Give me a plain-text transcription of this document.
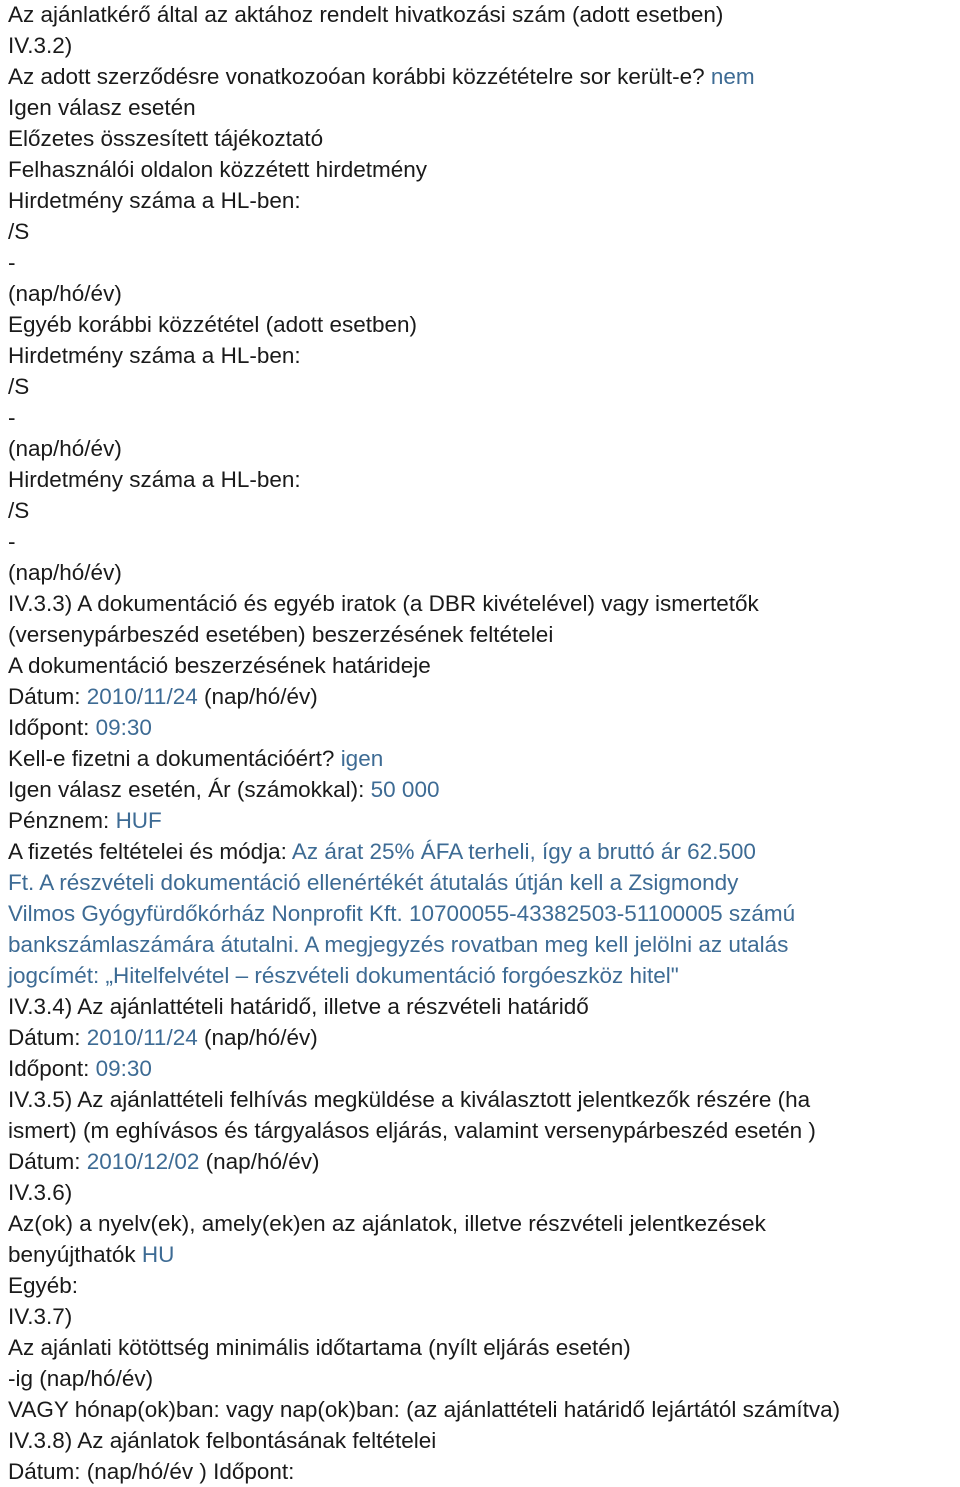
Az ajánlatkérő által az aktához rendelt hivatkozási szám (adott esetben)
IV.3.2)
Az adott szerződésre vonatkozoóan korábbi közzétételre sor került-e? nem
Igen válasz esetén
Előzetes összesített tájékoztató
Felhasználói oldalon közzétett hirdetmény
Hirdetmény száma a HL-ben:
/S
-
(nap/hó/év)
Egyéb korábbi közzététel (adott esetben)
Hirdetmény száma a HL-ben:
/S
-
(nap/hó/év)
Hirdetmény száma a HL-ben:
/S
-
(nap/hó/év)
IV.3.3) A dokumentáció és egyéb iratok (a DBR kivételével) vagy ismertetők
(versenypárbeszéd esetében) beszerzésének feltételei
A dokumentáció beszerzésének határideje
Dátum: 2010/11/24 (nap/hó/év)
Időpont: 09:30
Kell-e fizetni a dokumentációért? igen
Igen válasz esetén, Ár (számokkal): 50 000
Pénznem: HUF
A fizetés feltételei és módja: Az árat 25% ÁFA terheli, így a bruttó ár 62.500
Ft. A részvételi dokumentáció ellenértékét átutalás útján kell a Zsigmondy
Vilmos Gyógyfürdőkórház Nonprofit Kft. 10700055-43382503-51100005 számú
bankszámlaszámára átutalni. A megjegyzés rovatban meg kell jelölni az utalás
jogcímét: „Hitelfelvétel – részvételi dokumentáció forgóeszköz hitel"
IV.3.4) Az ajánlattételi határidő, illetve a részvételi határidő
Dátum: 2010/11/24 (nap/hó/év)
Időpont: 09:30
IV.3.5) Az ajánlattételi felhívás megküldése a kiválasztott jelentkezők részére (ha
ismert) (m eghívásos és tárgyalásos eljárás, valamint versenypárbeszéd esetén )
Dátum: 2010/12/02 (nap/hó/év)
IV.3.6)
Az(ok) a nyelv(ek), amely(ek)en az ajánlatok, illetve részvételi jelentkezések
benyújthatók HU
Egyéb:
IV.3.7)
Az ajánlati kötöttség minimális időtartama (nyílt eljárás esetén)
-ig (nap/hó/év)
VAGY hónap(ok)ban: vagy nap(ok)ban: (az ajánlattételi határidő lejártától számítva)
IV.3.8) Az ajánlatok felbontásának feltételei
Dátum: (nap/hó/év ) Időpont:
